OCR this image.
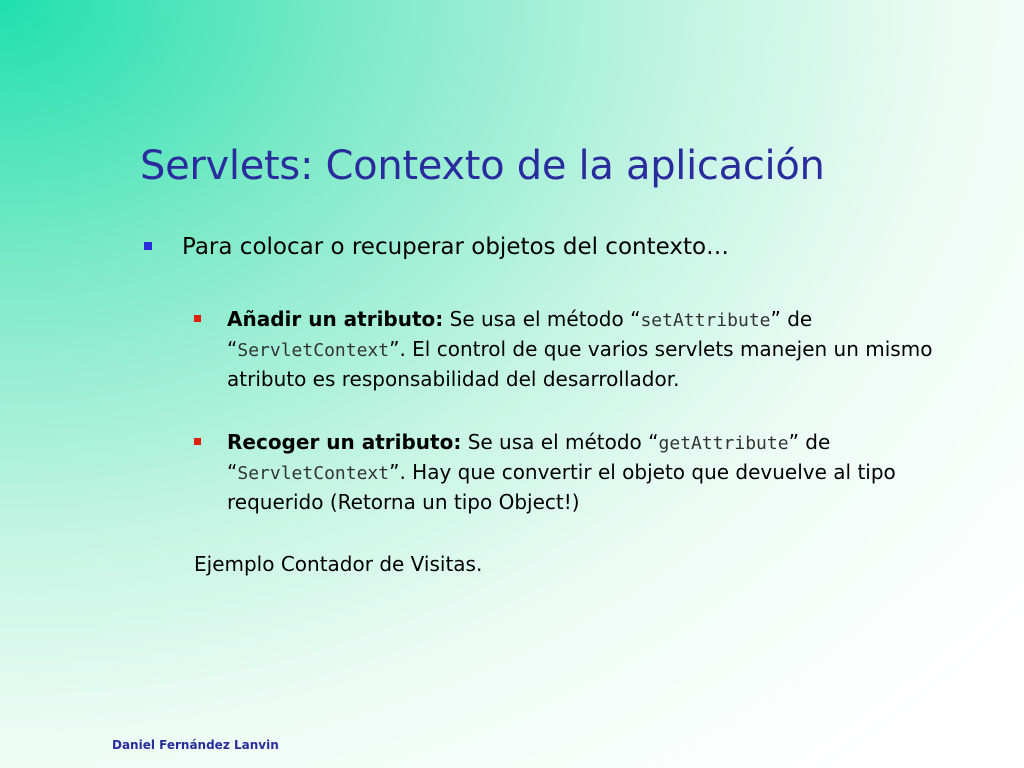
Servlets: Contexto de la aplicación
Para colocar o recuperar objetos del contexto…
Añadir un atributo: Se usa el método “setAttribute” de “ServletContext”. El control de que varios servlets manejen un mismo atributo es responsabilidad del desarrollador.
Recoger un atributo: Se usa el método “getAttribute” de “ServletContext”. Hay que convertir el objeto que devuelve al tipo requerido (Retorna un tipo Object!)
Ejemplo Contador de Visitas.
Daniel Fernández Lanvin
